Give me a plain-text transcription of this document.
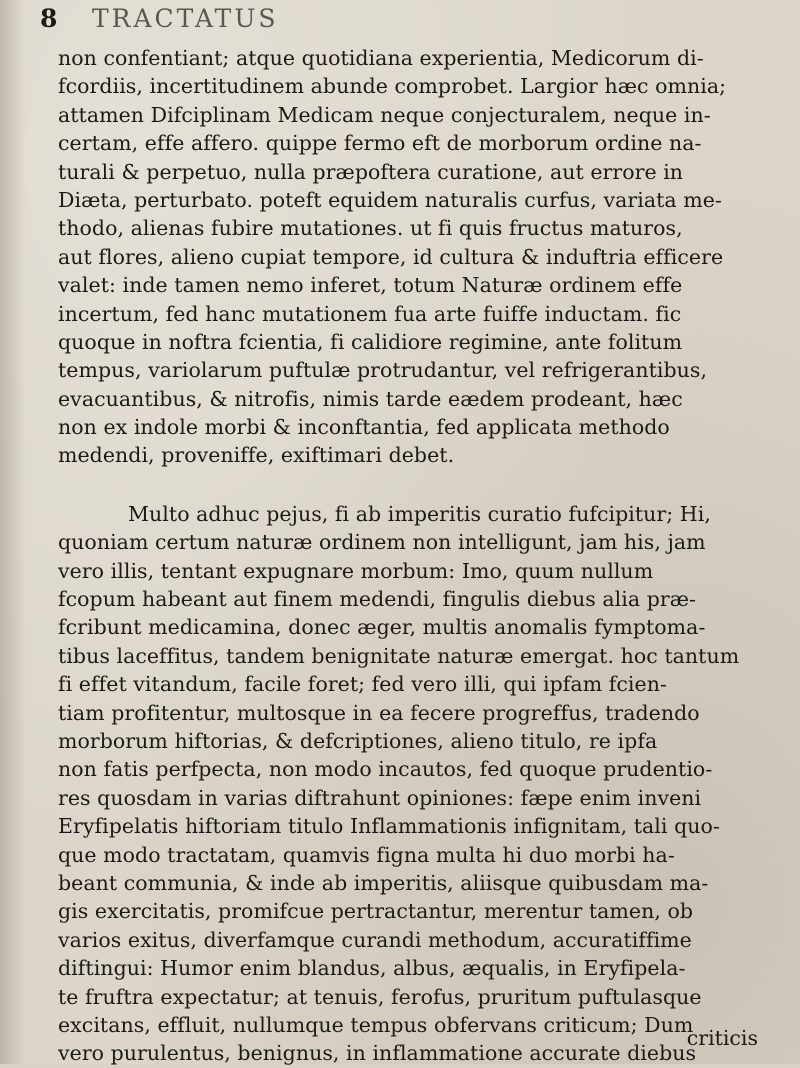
8 TRACTATUS
non confentiant; atque quotidiana experientia, Medicorum di-
fcordiis, incertitudinem abunde comprobet. Largior hæc omnia;
attamen Difciplinam Medicam neque conjecturalem, neque in-
certam, effe affero. quippe fermo eft de morborum ordine na-
turali & perpetuo, nulla præpoftera curatione, aut errore in
Diæta, perturbato. poteft equidem naturalis curfus, variata me-
thodo, alienas fubire mutationes. ut fi quis fructus maturos,
aut flores, alieno cupiat tempore, id cultura & induftria efficere
valet: inde tamen nemo inferet, totum Naturæ ordinem effe
incertum, fed hanc mutationem fua arte fuiffe inductam. fic
quoque in noftra fcientia, fi calidiore regimine, ante folitum
tempus, variolarum puftulæ protrudantur, vel refrigerantibus,
evacuantibus, & nitrofis, nimis tarde eædem prodeant, hæc
non ex indole morbi & inconftantia, fed applicata methodo
medendi, proveniffe, exiftimari debet.
Multo adhuc pejus, fi ab imperitis curatio fufcipitur; Hi,
quoniam certum naturæ ordinem non intelligunt, jam his, jam
vero illis, tentant expugnare morbum: Imo, quum nullum
fcopum habeant aut finem medendi, fingulis diebus alia præ-
fcribunt medicamina, donec æger, multis anomalis fymptoma-
tibus laceffitus, tandem benignitate naturæ emergat. hoc tantum
fi effet vitandum, facile foret; fed vero illi, qui ipfam fcien-
tiam profitentur, multosque in ea fecere progreffus, tradendo
morborum hiftorias, & defcriptiones, alieno titulo, re ipfa
non fatis perfpecta, non modo incautos, fed quoque prudentio-
res quosdam in varias diftrahunt opiniones: fæpe enim inveni
Eryfipelatis hiftoriam titulo Inflammationis infignitam, tali quo-
que modo tractatam, quamvis figna multa hi duo morbi ha-
beant communia, & inde ab imperitis, aliisque quibusdam ma-
gis exercitatis, promifcue pertractantur, merentur tamen, ob
varios exitus, diverfamque curandi methodum, accuratiffime
diftingui: Humor enim blandus, albus, æqualis, in Eryfipela-
te fruftra expectatur; at tenuis, ferofus, pruritum puftulasque
excitans, effluit, nullumque tempus obfervans criticum; Dum
vero purulentus, benignus, in inflammatione accurate diebus
criticis
